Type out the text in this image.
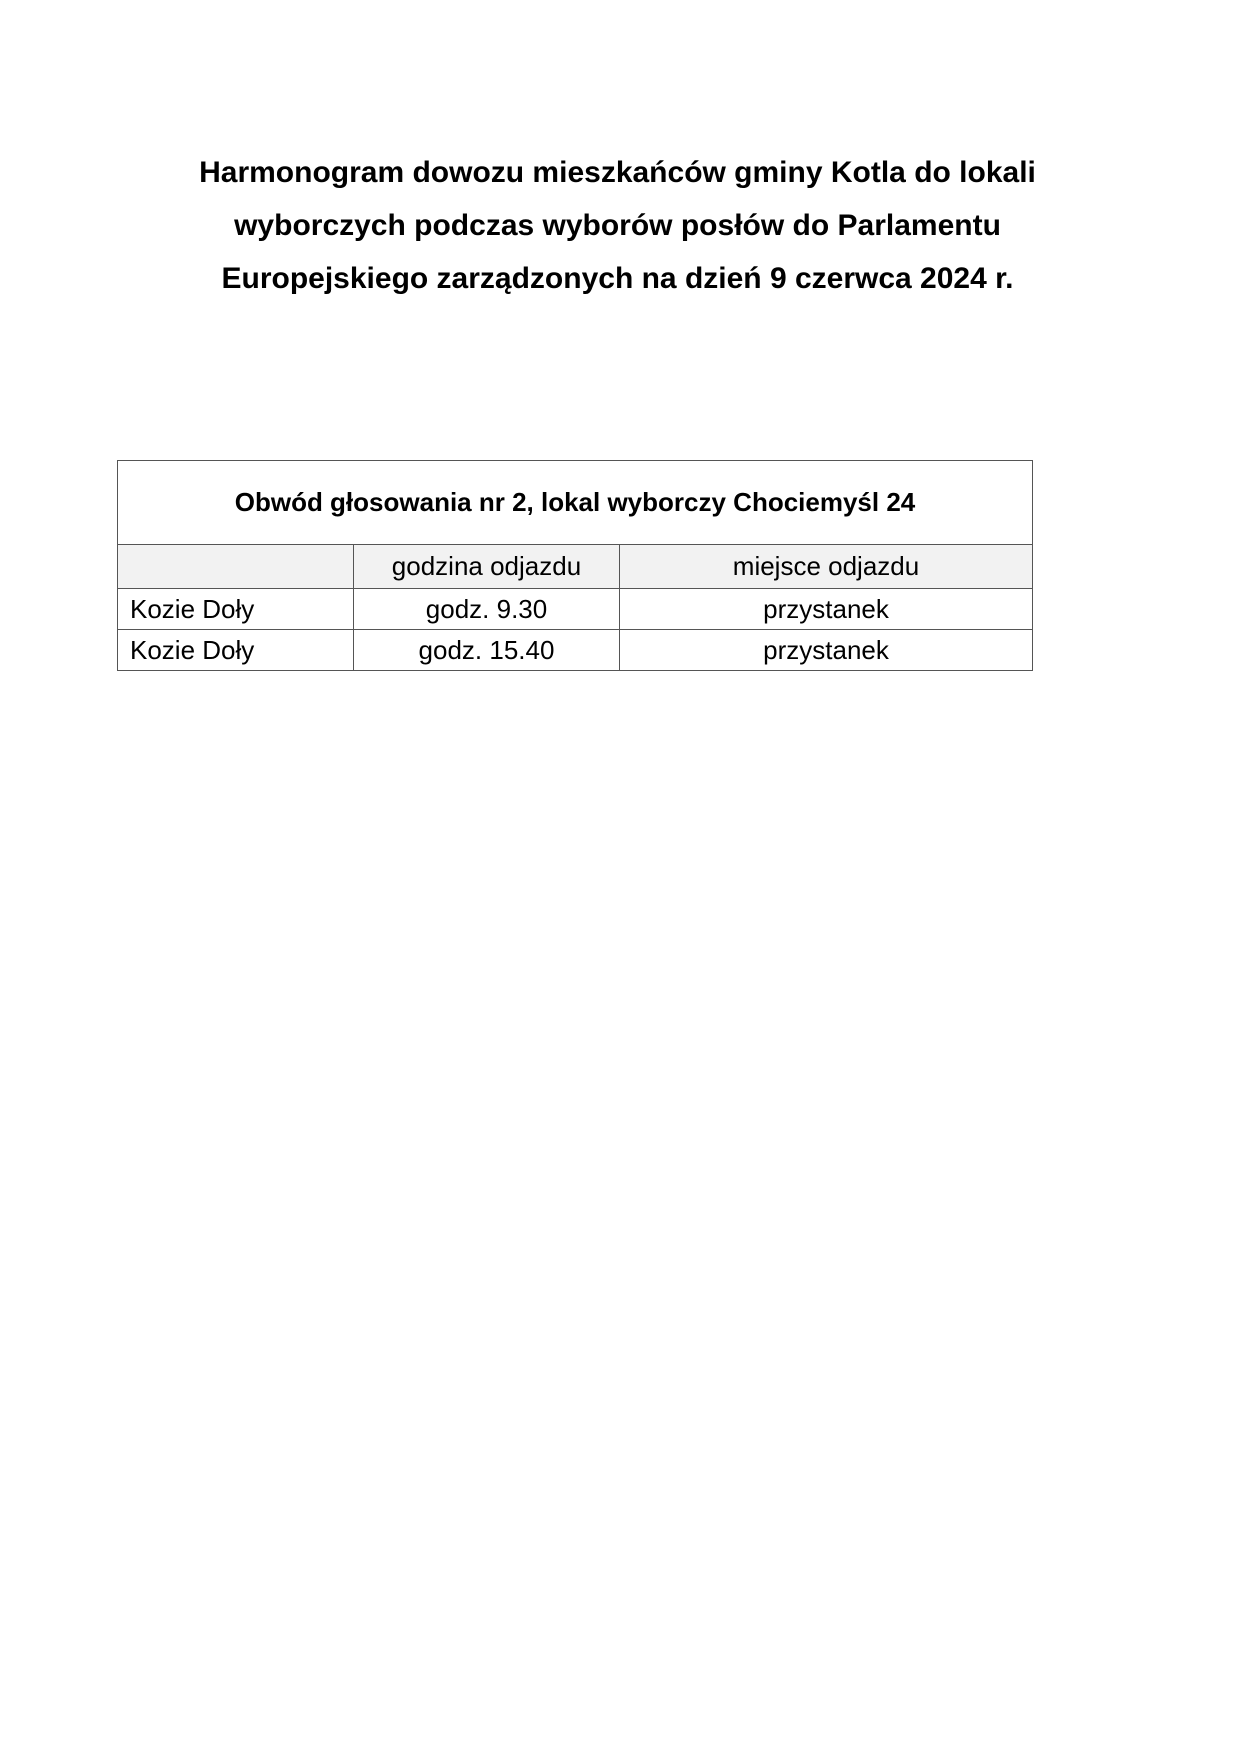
Harmonogram dowozu mieszkańców gminy Kotla do lokali
wyborczych podczas wyborów posłów do Parlamentu
Europejskiego zarządzonych na dzień 9 czerwca 2024 r.
Obwód głosowania nr 2, lokal wyborczy Chociemyśl 24		
	godzina odjazdu	miejsce odjazdu
Kozie Doły	godz. 9.30	przystanek
Kozie Doły	godz. 15.40	przystanek
